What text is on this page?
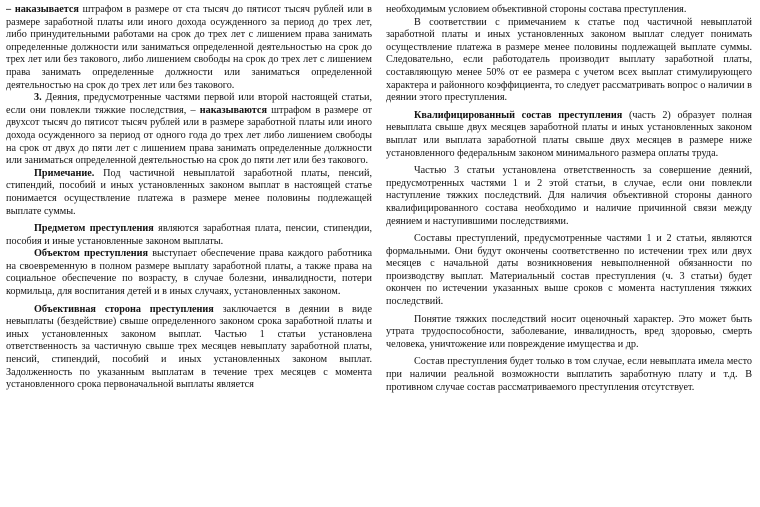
– наказывается штрафом в размере от ста тысяч до пятисот тысяч рублей или в размере заработной платы или иного дохода осужденного за период до трех лет, либо принудительными работами на срок до трех лет с лишением права занимать определенные должности или заниматься определенной деятельностью на срок до трех лет или без такового, либо лишением свободы на срок до трех лет с лишением права занимать определенные должности или заниматься определенной деятельностью на срок до трех лет или без такового.

3. Деяния, предусмотренные частями первой или второй настоящей статьи, если они повлекли тяжкие последствия, – наказываются штрафом в размере от двухсот тысяч до пятисот тысяч рублей или в размере заработной платы или иного дохода осужденного за период от одного года до трех лет либо лишением свободы на срок от двух до пяти лет с лишением права занимать определенные должности или заниматься определенной деятельностью на срок до пяти лет или без такового.

Примечание. Под частичной невыплатой заработной платы, пенсий, стипендий, пособий и иных установленных законом выплат в настоящей статье понимается осуществление платежа в размере менее половины подлежащей выплате суммы.

Предметом преступления являются заработная плата, пенсии, стипендии, пособия и иные установленные законом выплаты.

Объектом преступления выступает обеспечение права каждого работника на своевременную в полном размере выплату заработной платы, а также права на социальное обеспечение по возрасту, в случае болезни, инвалидности, потери кормильца, для воспитания детей и в иных случаях, установленных законом.

Объективная сторона преступления заключается в деянии в виде невыплаты (бездействие) свыше определенного законом срока заработной платы и иных установленных законом выплат. Частью 1 статьи установлена ответственность за частичную свыше трех месяцев невыплату заработной платы, пенсий, стипендий, пособий и иных установленных законом выплат. Задолженность по указанным выплатам в течение трех месяцев с момента установленного срока первоначальной выплаты является

необходимым условием объективной стороны состава преступления.

В соответствии с примечанием к статье под частичной невыплатой заработной платы и иных установленных законом выплат следует понимать осуществление платежа в размере менее половины подлежащей выплате суммы. Следовательно, если работодатель производит выплату заработной платы, составляющую менее 50% от ее размера с учетом всех выплат стимулирующего характера и районного коэффициента, то следует рассматривать вопрос о наличии в деянии этого преступления.

Квалифицированный состав преступления (часть 2) образует полная невыплата свыше двух месяцев заработной платы и иных установленных законом выплат или выплата заработной платы свыше двух месяцев в размере ниже установленного федеральным законом минимального размера оплаты труда.

Частью 3 статьи установлена ответственность за совершение деяний, предусмотренных частями 1 и 2 этой статьи, в случае, если они повлекли наступление тяжких последствий. Для наличия объективной стороны данного квалифицированного состава необходимо и наличие причинной связи между деянием и наступившими последствиями.

Составы преступлений, предусмотренные частями 1 и 2 статьи, являются формальными. Они будут окончены соответственно по истечении трех или двух месяцев с начальной даты возникновения невыполненной обязанности по производству выплат. Материальный состав преступления (ч. 3 статьи) будет окончен по истечении указанных выше сроков с момента наступления тяжких последствий.

Понятие тяжких последствий носит оценочный характер. Это может быть утрата трудоспособности, заболевание, инвалидность, вред здоровью, смерть человека, уничтожение или повреждение имущества и др.

Состав преступления будет только в том случае, если невыплата имела место при наличии реальной возможности выплатить заработную плату и т.д. В противном случае состав рассматриваемого преступления отсутствует.
